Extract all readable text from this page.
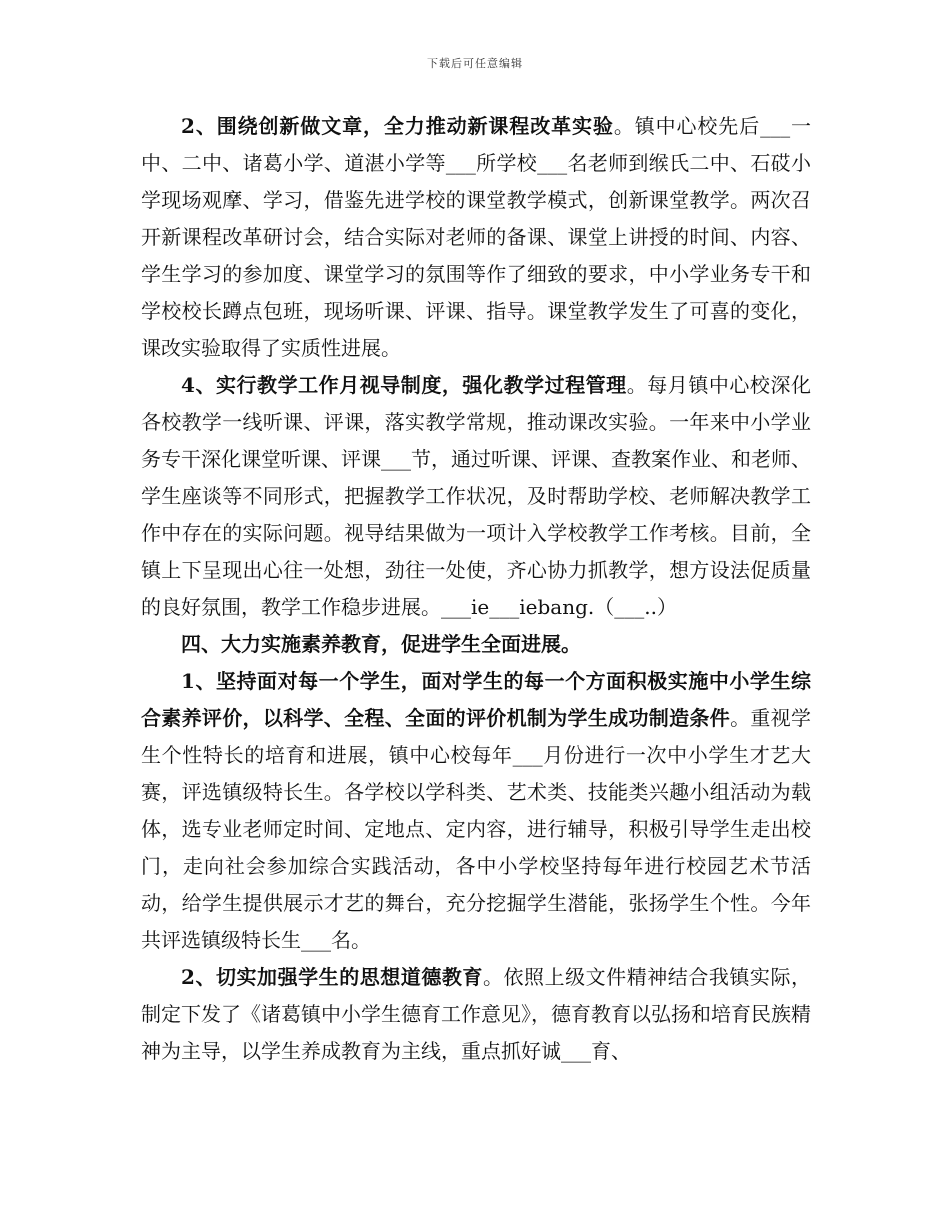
下载后可任意编辑

2、围绕创新做文章，全力推动新课程改革实验。镇中心校先后___一中、二中、诸葛小学、道湛小学等___所学校___名老师到缑氏二中、石砹小学现场观摩、学习，借鉴先进学校的课堂教学模式，创新课堂教学。两次召开新课程改革研讨会，结合实际对老师的备课、课堂上讲授的时间、内容、学生学习的参加度、课堂学习的氛围等作了细致的要求，中小学业务专干和学校校长蹲点包班，现场听课、评课、指导。课堂教学发生了可喜的变化，课改实验取得了实质性进展。

4、实行教学工作月视导制度，强化教学过程管理。每月镇中心校深化各校教学一线听课、评课，落实教学常规，推动课改实验。一年来中小学业务专干深化课堂听课、评课___节，通过听课、评课、查教案作业、和老师、学生座谈等不同形式，把握教学工作状况，及时帮助学校、老师解决教学工作中存在的实际问题。视导结果做为一项计入学校教学工作考核。目前，全镇上下呈现出心往一处想，劲往一处使，齐心协力抓教学，想方设法促质量的良好氛围，教学工作稳步进展。___ie___iebang.（___..）

四、大力实施素养教育，促进学生全面进展。

1、坚持面对每一个学生，面对学生的每一个方面积极实施中小学生综合素养评价，以科学、全程、全面的评价机制为学生成功制造条件。重视学生个性特长的培育和进展，镇中心校每年___月份进行一次中小学生才艺大赛，评选镇级特长生。各学校以学科类、艺术类、技能类兴趣小组活动为载体，选专业老师定时间、定地点、定内容，进行辅导，积极引导学生走出校门，走向社会参加综合实践活动，各中小学校坚持每年进行校园艺术节活动，给学生提供展示才艺的舞台，充分挖掘学生潜能，张扬学生个性。今年共评选镇级特长生___名。

2、切实加强学生的思想道德教育。依照上级文件精神结合我镇实际，制定下发了《诸葛镇中小学生德育工作意见》，德育教育以弘扬和培育民族精神为主导，以学生养成教育为主线，重点抓好诚___育、
